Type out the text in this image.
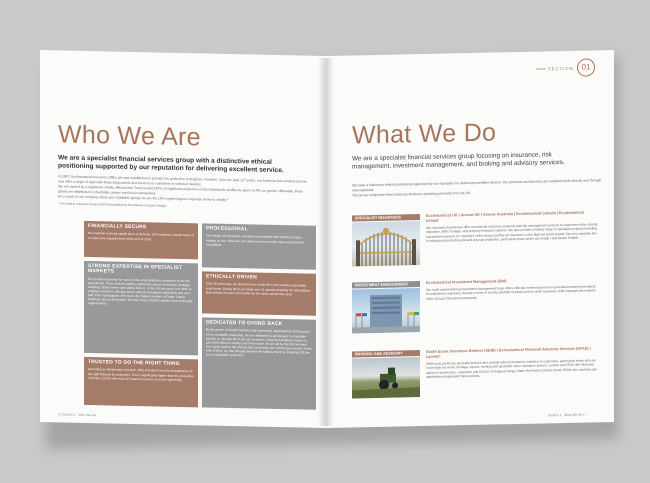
Who We Are
We are a specialist financial services group with a distinctive ethical positioning supported by our reputation for delivering excellent service.
In 1887, Ecclesiastical Insurance Office plc was established to provide fire protection to Anglican churches. Over the past 127 years, our business has evolved and we now offer a range of specialist financial products and services to customers in selected markets.
We are owned by a registered charity, Allchurches Trust Limited (ATL). A significant proportion of Ecclesiastical's profits are given to ATL as grants. Ultimately, these grants are distributed to charitable causes and local communities.
As a result of our company ethos and charitable giving, we are the UK's eighth largest corporate donor to charity.*
* UK Guide to Company Giving 2013/2014 published by the Directory of Social Change
FINANCIALLY SECURE
We maintain a strong capital base at all times, with regulatory capital cover of 2.0 times the required level at the end of 2014.
STRONG EXPERTISE IN SPECIALIST MARKETS
We provide insurance for some of the most distinctive properties in the UK and abroad. These include castles, cathedrals, places of worship, heritage buildings, listed homes and stately homes. In the UK we insure over 90% of Anglican churches. We also insure almost all Anglican cathedrals and over half of the synagogues. We insure the highest number of Grade I listed buildings across all insurers. We also insure 40,000 charities and community organisations.
TRUSTED TO DO THE RIGHT THING
According to independent research, 89% of brokers trust Ecclesiastical to do the right thing by its customers. This is significantly higher than the proportion of brokers (53%) who trust UK financial services to do the right thing.
PROFESSIONAL
Our ethical UK insurance operation is accredited with chartered status, making us one of the few UK chartered insurers who have achieved this recognition.
ETHICALLY DRIVEN
Over 20 years ago, we launched one of the UK's first socially responsible retail funds. During 2014 our funds won 14 awards including the Moneyfacts Best Ethical Investment Provider for the sixth consecutive year.
DEDICATED TO GIVING BACK
By the power of 40,000 charities and community organisations and because of our charitable ownership, we are dedicated to giving back to charitable causes. In January 2014, we set ourselves a bold and ambitious target: to give £50 million to charity over three years. As we will be the first we have ever given back to the charity and community over a three-year period. At the end of 2014, we had already reached the halfway mark by donating £25.6m to our charitable owner ATL.
6 | Section 1 · Who We Are
SECTION 01
What We Do
We are a specialist financial services group focusing on insurance, risk management, investment management, and broking and advisory services.
We have a distinctive ethical positioning supported by our reputation for delivering excellent service. Our products and services are marketed both directly and through intermediaries.
The Group comprises three business divisions, operating primarily from the UK.
SPECIALIST INSURANCE
Ecclesiastical UK | Ansvar UK | Ansvar Australia | Ecclesiastical Canada | Ecclesiastical Ireland
Our insurance businesses offer commercial insurance products and risk management services to customers in the charity, education, faith, heritage, and property investors markets. We also provide a limited range of specialist products including household insurance for members of the clergy and fine art insurance to the high net worth market. Our key expertise lies in valuing and protecting old and unusual properties, particularly those which are Grade I and Grade II listed.
INVESTMENT MANAGEMENT	Ecclesiastical Investment Management (EIM)
Our multi-award-winning investment management team offers ethically screened and non-screened investment products to institutional customers through a team of charity and faith markets) and to retail customers. EIM manages the majority of the Group's financial investments.
BROKING AND ADVISORY	South Essex Insurance Brokers (SEIB) | Ecclesiastical Financial Advisory Services (EFAS) | Lycetts*
SEIB and Lycetts are specialist brokers who provide tailored insurance solutions to customers, particularly those who are in the high net worth, heritage, equine, farming and specialist motor insurance sectors. Lycetts and EFAS offer financial advice to businesses, customers and Church of England clergy. Under the Perfect Choice brand, EFAS also markets and administers prepayment funeral plans.
Section 1 · What We Do | 7
